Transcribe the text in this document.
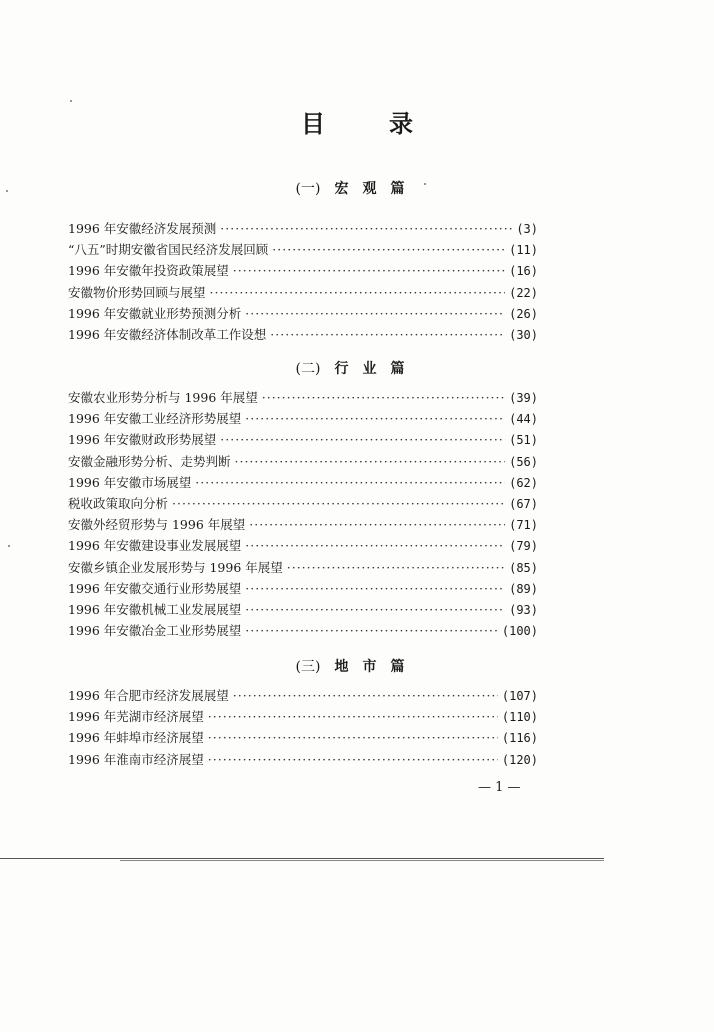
目录
(一) 宏观篇
1996 年安徽经济发展预测 ·····	(3)
“八五”时期安徽省国民经济发展回顾 ·····	(11)
1996 年安徽年投资政策展望 ·····	(16)
安徽物价形势回顾与展望 ·····	(22)
1996 年安徽就业形势预测分析 ·····	(26)
1996 年安徽经济体制改革工作设想 ·····	(30)
(二) 行业篇
安徽农业形势分析与 1996 年展望 ·····	(39)
1996 年安徽工业经济形势展望 ·····	(44)
1996 年安徽财政形势展望 ·····	(51)
安徽金融形势分析、走势判断 ·····	(56)
1996 年安徽市场展望 ·····	(62)
税收政策取向分析 ·····	(67)
安徽外经贸形势与 1996 年展望 ·····	(71)
1996 年安徽建设事业发展展望 ·····	(79)
安徽乡镇企业发展形势与 1996 年展望 ·····	(85)
1996 年安徽交通行业形势展望 ·····	(89)
1996 年安徽机械工业发展展望 ·····	(93)
1996 年安徽冶金工业形势展望 ·····	(100)
(三) 地市篇
1996 年合肥市经济发展展望 ·····	(107)
1996 年芜湖市经济展望 ·····	(110)
1996 年蚌埠市经济展望 ·····	(116)
1996 年淮南市经济展望 ·····	(120)
— 1 —
